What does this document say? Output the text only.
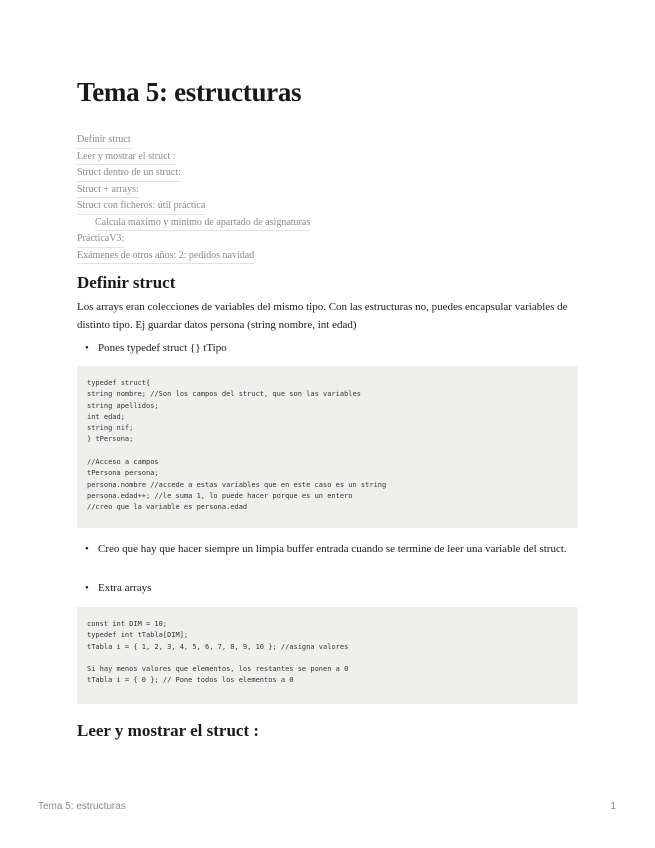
Tema 5: estructuras
Definir struct
Leer y mostrar el struct :
Struct dentro de un struct:
Struct + arrays:
Struct con ficheros: útil práctica
Calcula maximo y minimo de apartado de asignaturas
PrácticaV3:
Exámenes de otros años: 2: pedidos navidad
Definir struct

Los arrays eran colecciones de variables del mismo tipo. Con las estructuras no, puedes encapsular variables de distinto tipo. Ej guardar datos persona (string nombre, int edad)

• Pones typedef struct {} tTipo
typedef struct{
string nombre; //Son los campos del struct, que son las variables
string apellidos;
int edad;
string nif;
} tPersona;

//Acceso a campos
tPersona persona;
persona.nombre //accede a estas variables que en este caso es un string
persona.edad++; //le suma 1, lo puede hacer porque es un entero
//creo que la variable es persona.edad
• Creo que hay que hacer siempre un limpia buffer entrada cuando se termine de leer una variable del struct.
• Extra arrays
const int DIM = 10;
typedef int tTabla[DIM];
tTabla i = { 1, 2, 3, 4, 5, 6, 7, 8, 9, 10 }; //asigna valores

Si hay menos valores que elementos, los restantes se ponen a 0
tTabla i = { 0 }; // Pone todos los elementos a 0
Leer y mostrar el struct :
Tema 5: estructuras	1
